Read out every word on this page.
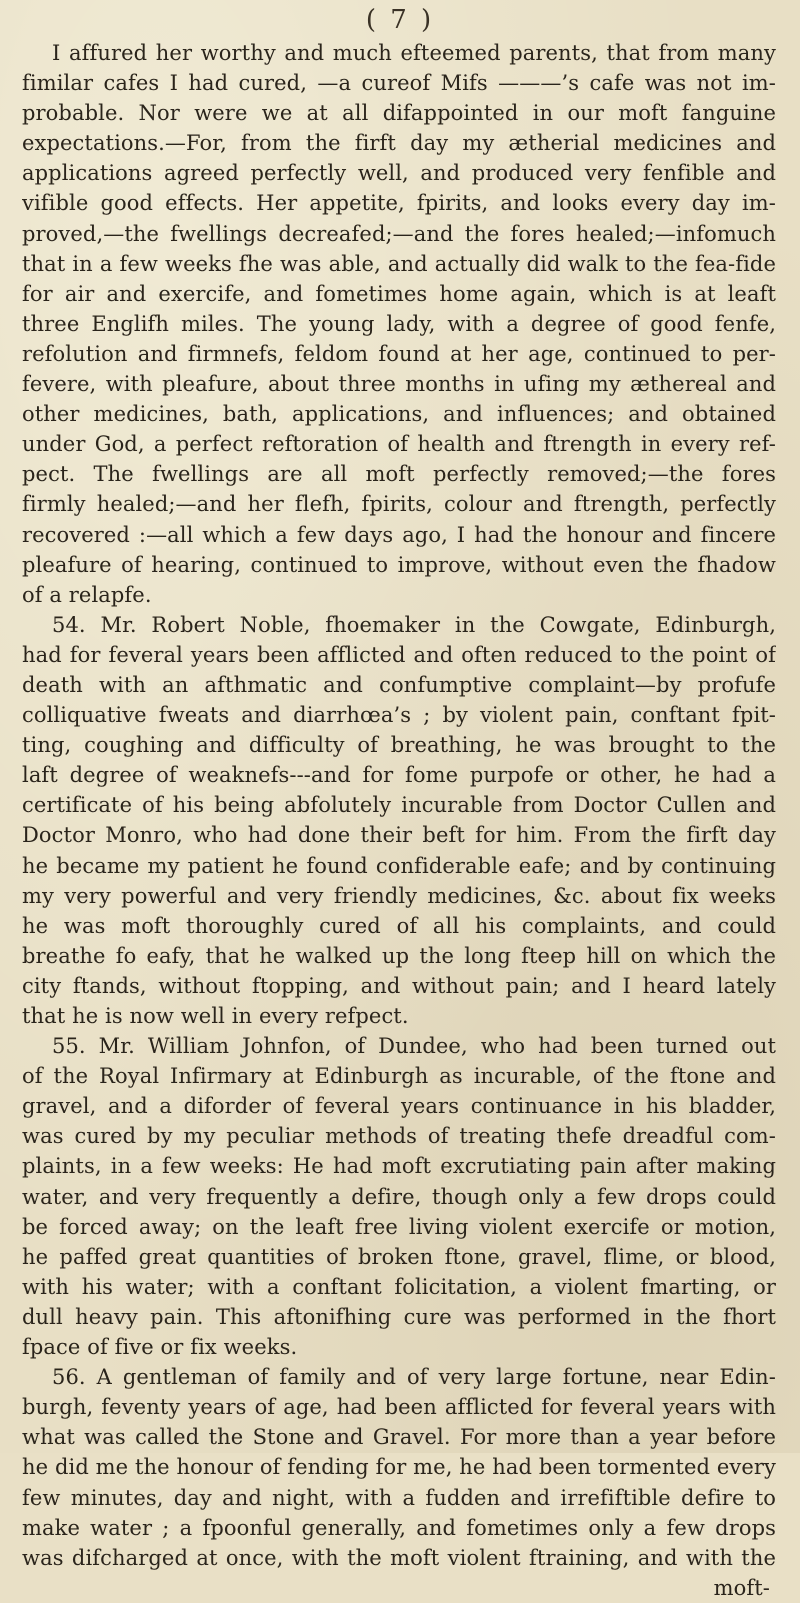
( 7 )
I affured her worthy and much efteemed parents, that from many
fimilar cafes I had cured, —a cureof Mifs ———’s cafe was not im-
probable. Nor were we at all difappointed in our moft fanguine
expectations.—For, from the firft day my ætherial medicines and
applications agreed perfectly well, and produced very fenfible and
vifible good effects. Her appetite, fpirits, and looks every day im-
proved,—the fwellings decreafed;—and the fores healed;—infomuch
that in a few weeks fhe was able, and actually did walk to the fea-fide
for air and exercife, and fometimes home again, which is at leaft
three Englifh miles. The young lady, with a degree of good fenfe,
refolution and firmnefs, feldom found at her age, continued to per-
fevere, with pleafure, about three months in ufing my æthereal and
other medicines, bath, applications, and influences; and obtained
under God, a perfect reftoration of health and ftrength in every ref-
pect. The fwellings are all moft perfectly removed;—the fores
firmly healed;—and her flefh, fpirits, colour and ftrength, perfectly
recovered :—all which a few days ago, I had the honour and fincere
pleafure of hearing, continued to improve, without even the fhadow
of a relapfe.
54. Mr. Robert Noble, fhoemaker in the Cowgate, Edinburgh,
had for feveral years been afflicted and often reduced to the point of
death with an afthmatic and confumptive complaint—by profufe
colliquative fweats and diarrhœa’s ; by violent pain, conftant fpit-
ting, coughing and difficulty of breathing, he was brought to the
laft degree of weaknefs---and for fome purpofe or other, he had a
certificate of his being abfolutely incurable from Doctor Cullen and
Doctor Monro, who had done their beft for him. From the firft day
he became my patient he found confiderable eafe; and by continuing
my very powerful and very friendly medicines, &c. about fix weeks
he was moft thoroughly cured of all his complaints, and could
breathe fo eafy, that he walked up the long fteep hill on which the
city ftands, without ftopping, and without pain; and I heard lately
that he is now well in every refpect.
55. Mr. William Johnfon, of Dundee, who had been turned out
of the Royal Infirmary at Edinburgh as incurable, of the ftone and
gravel, and a diforder of feveral years continuance in his bladder,
was cured by my peculiar methods of treating thefe dreadful com-
plaints, in a few weeks: He had moft excrutiating pain after making
water, and very frequently a defire, though only a few drops could
be forced away; on the leaft free living violent exercife or motion,
he paffed great quantities of broken ftone, gravel, flime, or blood,
with his water; with a conftant folicitation, a violent fmarting, or
dull heavy pain. This aftonifhing cure was performed in the fhort
fpace of five or fix weeks.
56. A gentleman of family and of very large fortune, near Edin-
burgh, feventy years of age, had been afflicted for feveral years with
what was called the Stone and Gravel. For more than a year before
he did me the honour of fending for me, he had been tormented every
few minutes, day and night, with a fudden and irrefiftible defire to
make water ; a fpoonful generally, and fometimes only a few drops
was difcharged at once, with the moft violent ftraining, and with the
moft-
